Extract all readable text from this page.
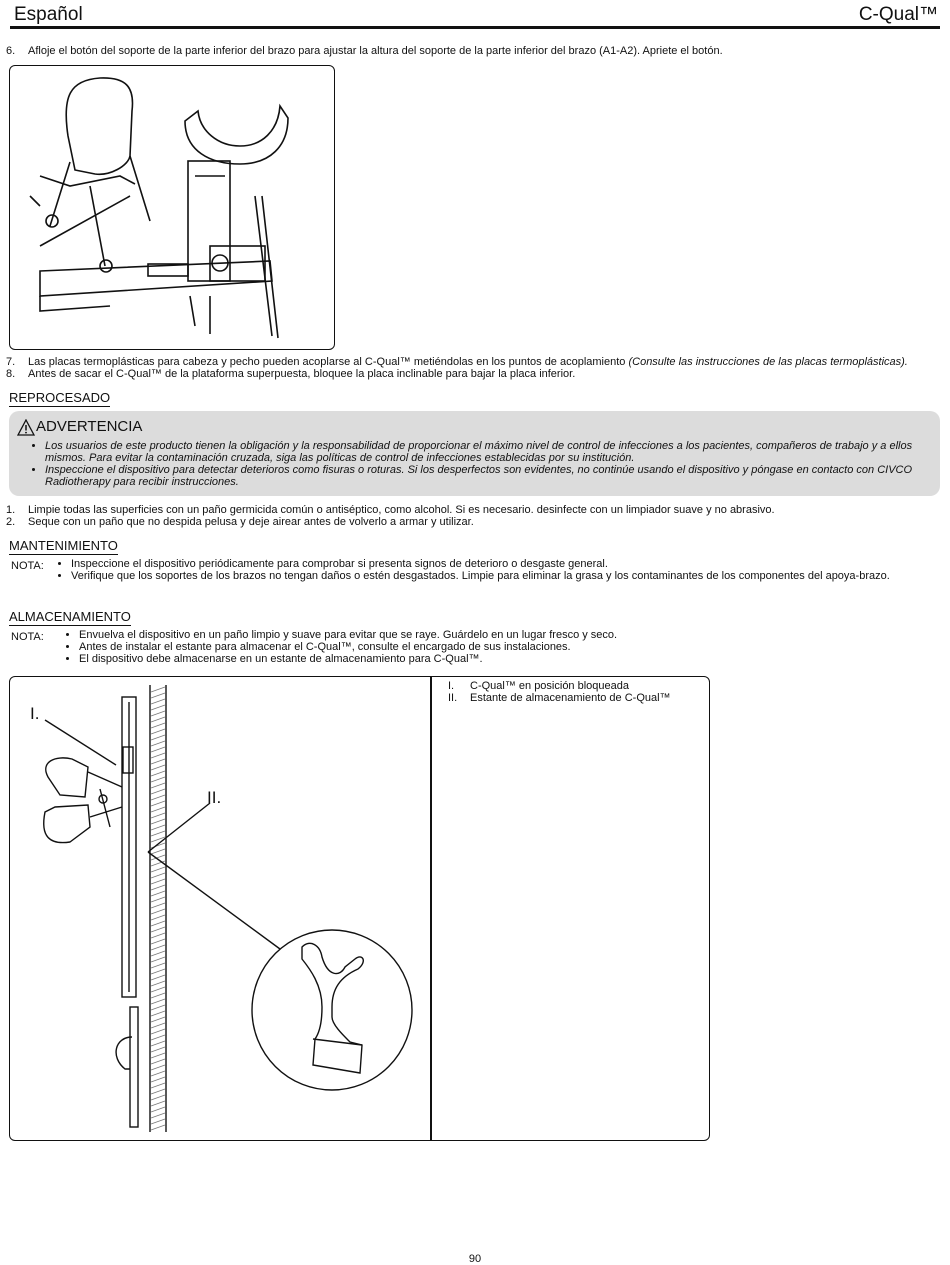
Español	C-Qual™
6. Afloje el botón del soporte de la parte inferior del brazo para ajustar la altura del soporte de la parte inferior del brazo (A1-A2). Apriete el botón.
7. Las placas termoplásticas para cabeza y pecho pueden acoplarse al C-Qual™ metiéndolas en los puntos de acoplamiento (Consulte las instrucciones de las placas termoplásticas).
8. Antes de sacar el C-Qual™ de la plataforma superpuesta, bloquee la placa inclinable para bajar la placa inferior.
REPROCESADO
ADVERTENCIA
• Los usuarios de este producto tienen la obligación y la responsabilidad de proporcionar el máximo nivel de control de infecciones a los pacientes, compañeros de trabajo y a ellos mismos. Para evitar la contaminación cruzada, siga las políticas de control de infecciones establecidas por su institución.
• Inspeccione el dispositivo para detectar deterioros como fisuras o roturas. Si los desperfectos son evidentes, no continúe usando el dispositivo y póngase en contacto con CIVCO Radiotherapy para recibir instrucciones.
1. Limpie todas las superficies con un paño germicida común o antiséptico, como alcohol. Si es necesario. desinfecte con un limpiador suave y no abrasivo.
2. Seque con un paño que no despida pelusa y deje airear antes de volverlo a armar y utilizar.
MANTENIMIENTO
NOTA: • Inspeccione el dispositivo periódicamente para comprobar si presenta signos de deterioro o desgaste general.
• Verifique que los soportes de los brazos no tengan daños o estén desgastados. Limpie para eliminar la grasa y los contaminantes de los componentes del apoya-brazo.
ALMACENAMIENTO
NOTA:	• Envuelva el dispositivo en un paño limpio y suave para evitar que se raye. Guárdelo en un lugar fresco y seco.
• Antes de instalar el estante para almacenar el C-Qual™, consulte el encargado de sus instalaciones.
• El dispositivo debe almacenarse en un estante de almacenamiento para C-Qual™.
I.
II.
I. C-Qual™ en posición bloqueada
II. Estante de almacenamiento de C-Qual™
90
